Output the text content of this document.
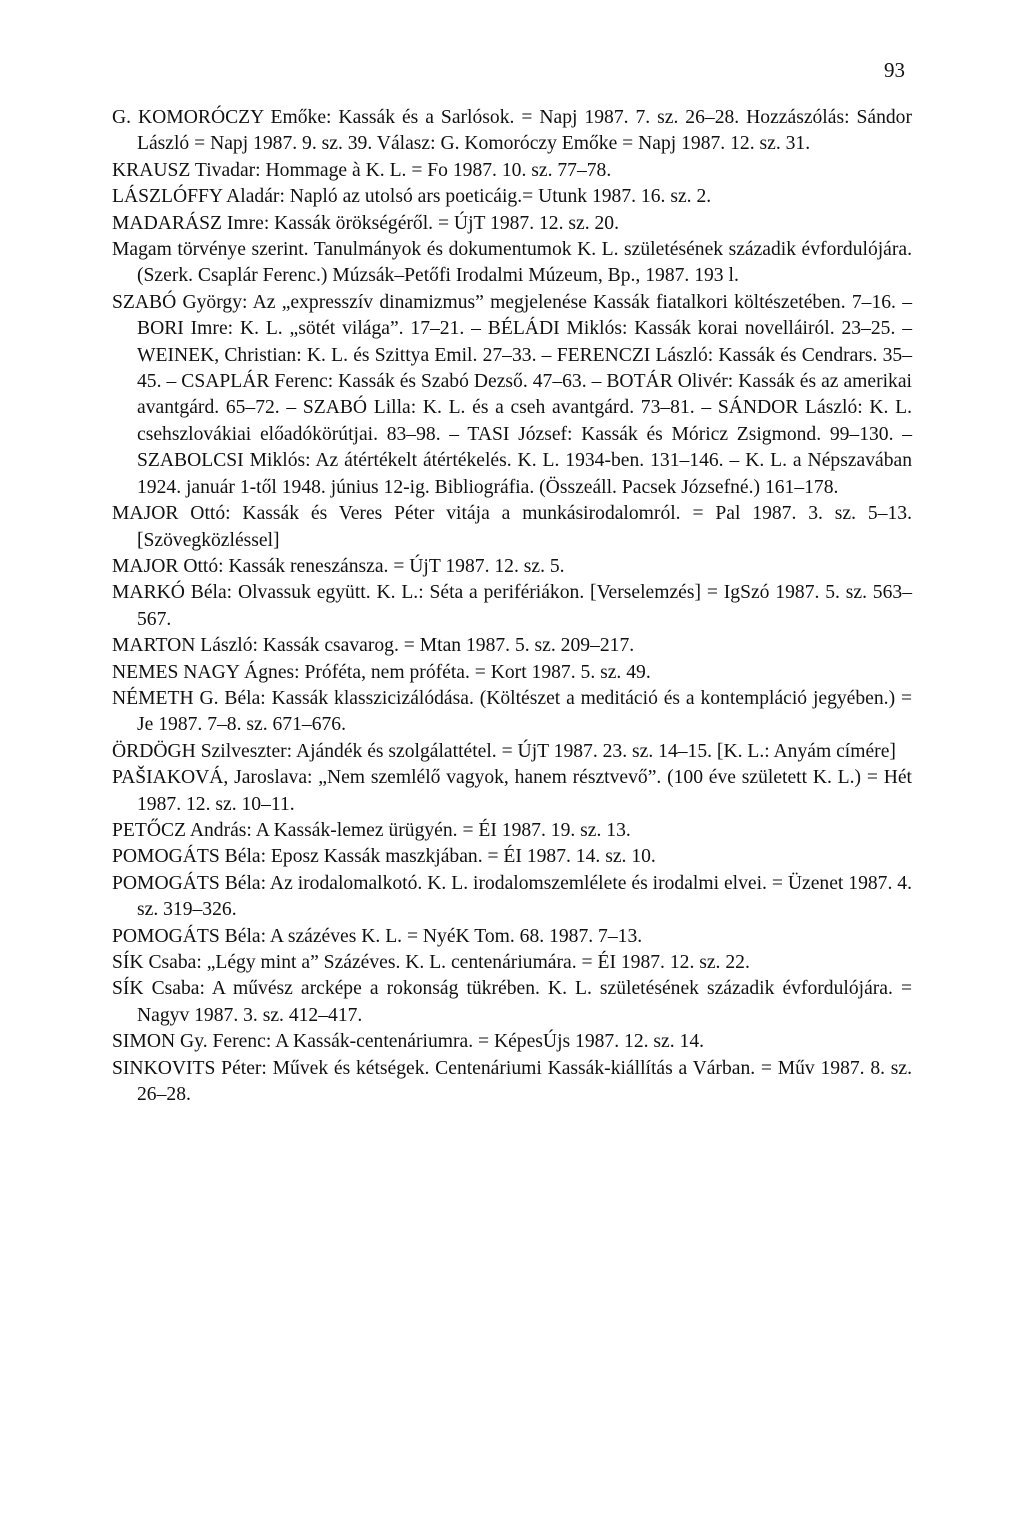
93
G. KOMORÓCZY Emőke: Kassák és a Sarlósok. = Napj 1987. 7. sz. 26–28. Hozzászólás: Sándor László = Napj 1987. 9. sz. 39. Válasz: G. Komoróczy Emőke = Napj 1987. 12. sz. 31.
KRAUSZ Tivadar: Hommage à K. L. = Fo 1987. 10. sz. 77–78.
LÁSZLÓFFY Aladár: Napló az utolsó ars poeticáig.= Utunk 1987. 16. sz. 2.
MADARÁSZ Imre: Kassák örökségéről. = ÚjT 1987. 12. sz. 20.
Magam törvénye szerint. Tanulmányok és dokumentumok K. L. születésének századik évfordulójára. (Szerk. Csaplár Ferenc.) Múzsák–Petőfi Irodalmi Múzeum, Bp., 1987. 193 l.
SZABÓ György: Az „expresszív dinamizmus” megjelenése Kassák fiatalkori költészetében. 7–16. – BORI Imre: K. L. „sötét világa”. 17–21. – BÉLÁDI Miklós: Kassák korai novelláiról. 23–25. – WEINEK, Christian: K. L. és Szittya Emil. 27–33. – FERENCZI László: Kassák és Cendrars. 35–45. – CSAPLÁR Ferenc: Kassák és Szabó Dezső. 47–63. – BOTÁR Olivér: Kassák és az amerikai avantgárd. 65–72. – SZABÓ Lilla: K. L. és a cseh avantgárd. 73–81. – SÁNDOR László: K. L. csehszlovákiai előadókörútjai. 83–98. – TASI József: Kassák és Móricz Zsigmond. 99–130. – SZABOLCSI Miklós: Az átértékelt átértékelés. K. L. 1934-ben. 131–146. – K. L. a Népszavában 1924. január 1-től 1948. június 12-ig. Bibliográfia. (Összeáll. Pacsek Józsefné.) 161–178.
MAJOR Ottó: Kassák és Veres Péter vitája a munkásirodalomról. = Pal 1987. 3. sz. 5–13. [Szövegközléssel]
MAJOR Ottó: Kassák reneszánsza. = ÚjT 1987. 12. sz. 5.
MARKÓ Béla: Olvassuk együtt. K. L.: Séta a perifériákon. [Verselemzés] = IgSzó 1987. 5. sz. 563–567.
MARTON László: Kassák csavarog. = Mtan 1987. 5. sz. 209–217.
NEMES NAGY Ágnes: Próféta, nem próféta. = Kort 1987. 5. sz. 49.
NÉMETH G. Béla: Kassák klasszicizálódása. (Költészet a meditáció és a kontempláció jegyében.) = Je 1987. 7–8. sz. 671–676.
ÖRDÖGH Szilveszter: Ajándék és szolgálattétel. = ÚjT 1987. 23. sz. 14–15. [K. L.: Anyám címére]
PAŠIAKOVÁ, Jaroslava: „Nem szemlélő vagyok, hanem résztvevő”. (100 éve született K. L.) = Hét 1987. 12. sz. 10–11.
PETŐCZ András: A Kassák-lemez ürügyén. = ÉI 1987. 19. sz. 13.
POMOGÁTS Béla: Eposz Kassák maszkjában. = ÉI 1987. 14. sz. 10.
POMOGÁTS Béla: Az irodalomalkotó. K. L. irodalomszemlélete és irodalmi elvei. = Üzenet 1987. 4. sz. 319–326.
POMOGÁTS Béla: A százéves K. L. = NyéK Tom. 68. 1987. 7–13.
SÍK Csaba: „Légy mint a” Százéves. K. L. centenáriumára. = ÉI 1987. 12. sz. 22.
SÍK Csaba: A művész arcképe a rokonság tükrében. K. L. születésének századik évfordulójára. = Nagyv 1987. 3. sz. 412–417.
SIMON Gy. Ferenc: A Kassák-centenáriumra. = KépesÚjs 1987. 12. sz. 14.
SINKOVITS Péter: Művek és kétségek. Centenáriumi Kassák-kiállítás a Várban. = Műv 1987. 8. sz. 26–28.
